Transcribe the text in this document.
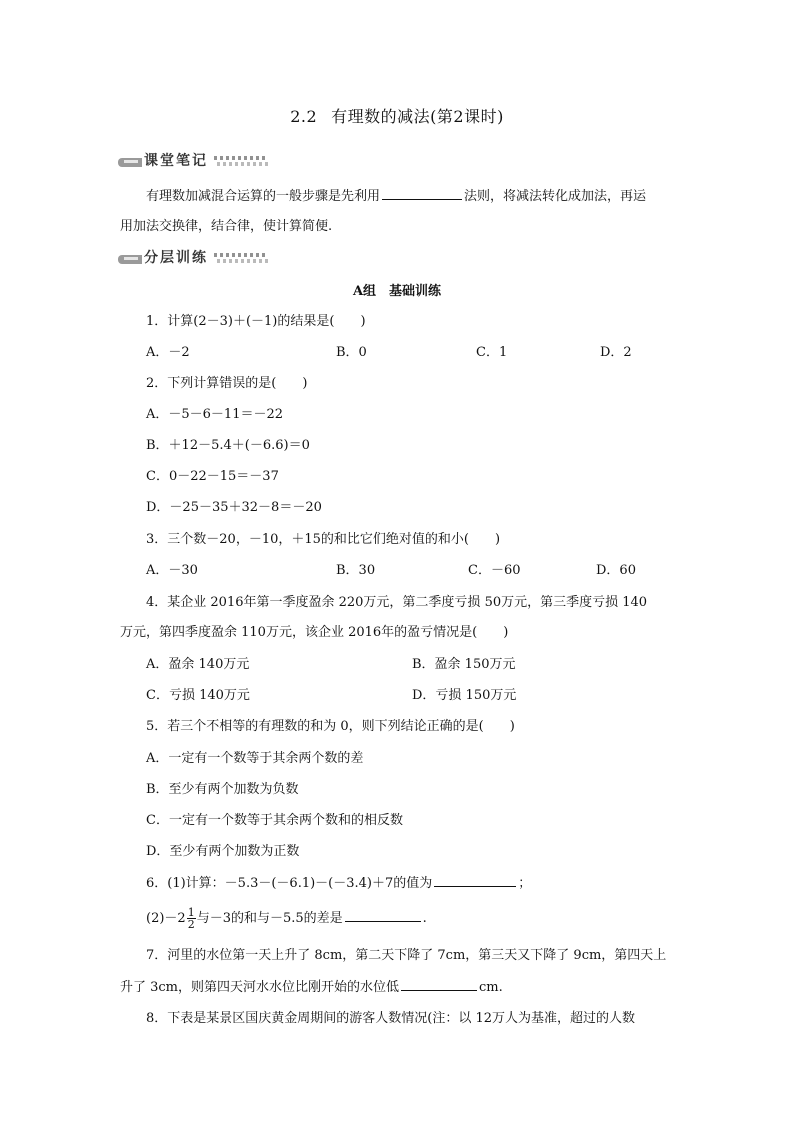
2.2 有理数的减法(第2课时)
课堂笔记
有理数加减混合运算的一般步骤是先利用	法则，将减法转化成加法，再运
用加法交换律，结合律，使计算简便.
分层训练
A组　基础训练
1．计算(2－3)＋(－1)的结果是(　　)
A．－2	B．0	C．1	D．2
2．下列计算错误的是(　　)
A．－5－6－11＝－22
B．＋12－5.4＋(－6.6)＝0
C．0－22－15＝－37
D．－25－35＋32－8＝－20
3．三个数－20，－10，＋15的和比它们绝对值的和小(　　)
A．－30	B．30	C．－60	D．60
4．某企业 2016年第一季度盈余 220万元，第二季度亏损 50万元，第三季度亏损 140
万元，第四季度盈余 110万元，该企业 2016年的盈亏情况是(　　)
A．盈余 140万元	B．盈余 150万元
C．亏损 140万元	D．亏损 150万元
5．若三个不相等的有理数的和为 0，则下列结论正确的是(　　)
A．一定有一个数等于其余两个数的差
B．至少有两个加数为负数
C．一定有一个数等于其余两个数和的相反数
D．至少有两个加数为正数
6．(1)计算：－5.3－(－6.1)－(－3.4)＋7的值为	；
$(2)-2 \frac{1}{2}$ 与－3的和与－5.5的差是	.
7．河里的水位第一天上升了 8cm，第二天下降了 7cm，第三天又下降了 9cm，第四天上
升了 3cm，则第四天河水水位比刚开始的水位低	cm.
8．下表是某景区国庆黄金周期间的游客人数情况(注：以 12万人为基准，超过的人数
